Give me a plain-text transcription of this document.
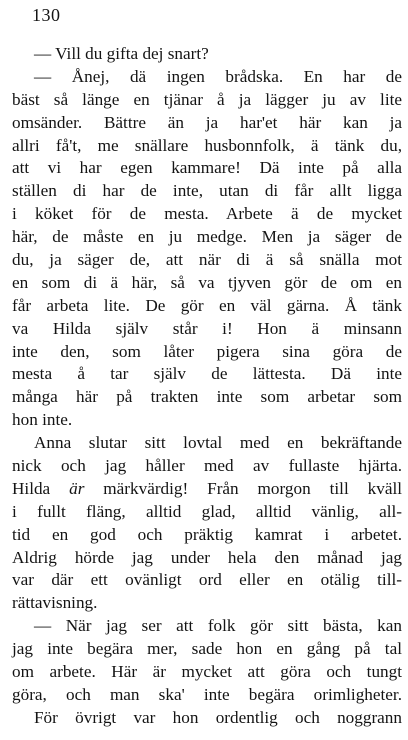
130
— Vill du gifta dej snart?
— Ånej, dä ingen brådska. En har de
bäst så länge en tjänar å ja lägger ju av lite
omsänder. Bättre än ja har'et här kan ja
allri få't, me snällare husbonnfolk, ä tänk du,
att vi har egen kammare! Dä inte på alla
ställen di har de inte, utan di får allt ligga
i köket för de mesta. Arbete ä de mycket
här, de måste en ju medge. Men ja säger de
du, ja säger de, att när di ä så snälla mot
en som di ä här, så va tjyven gör de om en
får arbeta lite. De gör en väl gärna. Å tänk
va Hilda själv står i! Hon ä minsann
inte den, som låter pigera sina göra de
mesta å tar själv de lättesta. Dä inte
många här på trakten inte som arbetar som
hon inte.
Anna slutar sitt lovtal med en bekräftande
nick och jag håller med av fullaste hjärta.
Hilda är märkvärdig! Från morgon till kväll
i fullt fläng, alltid glad, alltid vänlig, all-
tid en god och präktig kamrat i arbetet.
Aldrig hörde jag under hela den månad jag
var där ett ovänligt ord eller en otälig till-
rättavisning.
— När jag ser att folk gör sitt bästa, kan
jag inte begära mer, sade hon en gång på tal
om arbete. Här är mycket att göra och tungt
göra, och man ska' inte begära orimligheter.
För övrigt var hon ordentlig och noggrann
